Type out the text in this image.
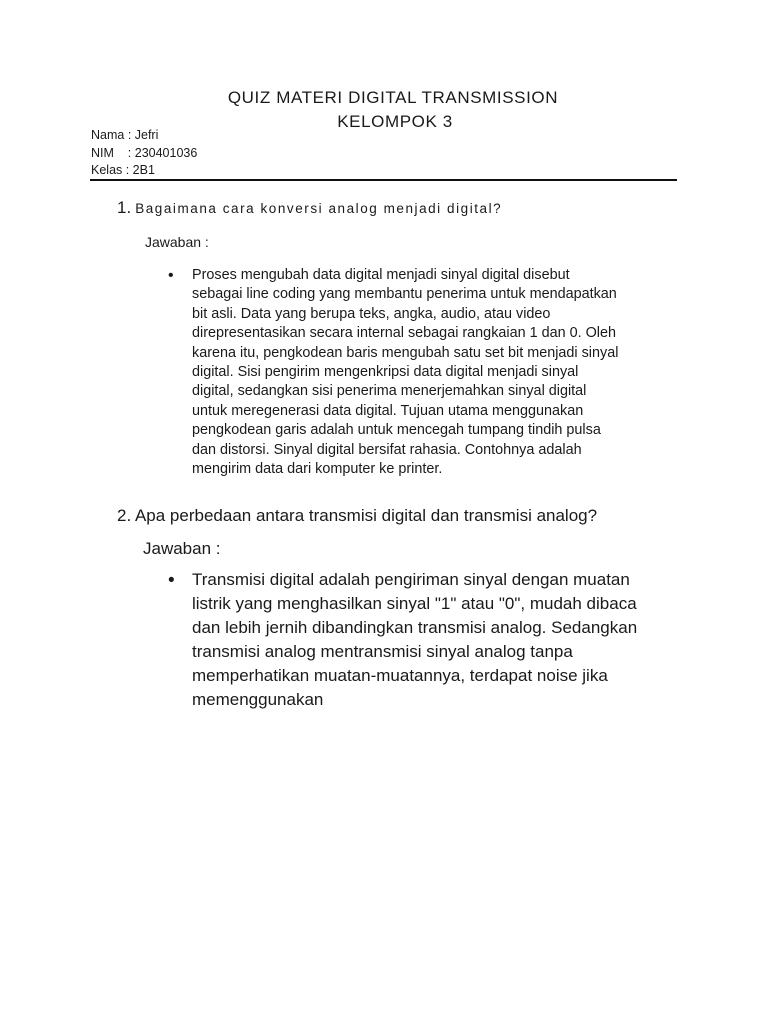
QUIZ MATERI DIGITAL TRANSMISSION
KELOMPOK 3
Nama : Jefri
NIM    : 230401036
Kelas : 2B1
1. Bagaimana cara konversi analog menjadi digital?
Jawaban :
• Proses mengubah data digital menjadi sinyal digital disebut sebagai line coding yang membantu penerima untuk mendapatkan bit asli. Data yang berupa teks, angka, audio, atau video direpresentasikan secara internal sebagai rangkaian 1 dan 0. Oleh karena itu, pengkodean baris mengubah satu set bit menjadi sinyal digital. Sisi pengirim mengenkripsi data digital menjadi sinyal digital, sedangkan sisi penerima menerjemahkan sinyal digital untuk meregenerasi data digital. Tujuan utama menggunakan pengkodean garis adalah untuk mencegah tumpang tindih pulsa dan distorsi. Sinyal digital bersifat rahasia. Contohnya adalah mengirim data dari komputer ke printer.
2. Apa perbedaan antara transmisi digital dan transmisi analog?
Jawaban :
• Transmisi digital adalah pengiriman sinyal dengan muatan listrik yang menghasilkan sinyal "1" atau "0", mudah dibaca dan lebih jernih dibandingkan transmisi analog. Sedangkan transmisi analog mentransmisi sinyal analog tanpa memperhatikan muatan-muatannya, terdapat noise jika memenggunakan
